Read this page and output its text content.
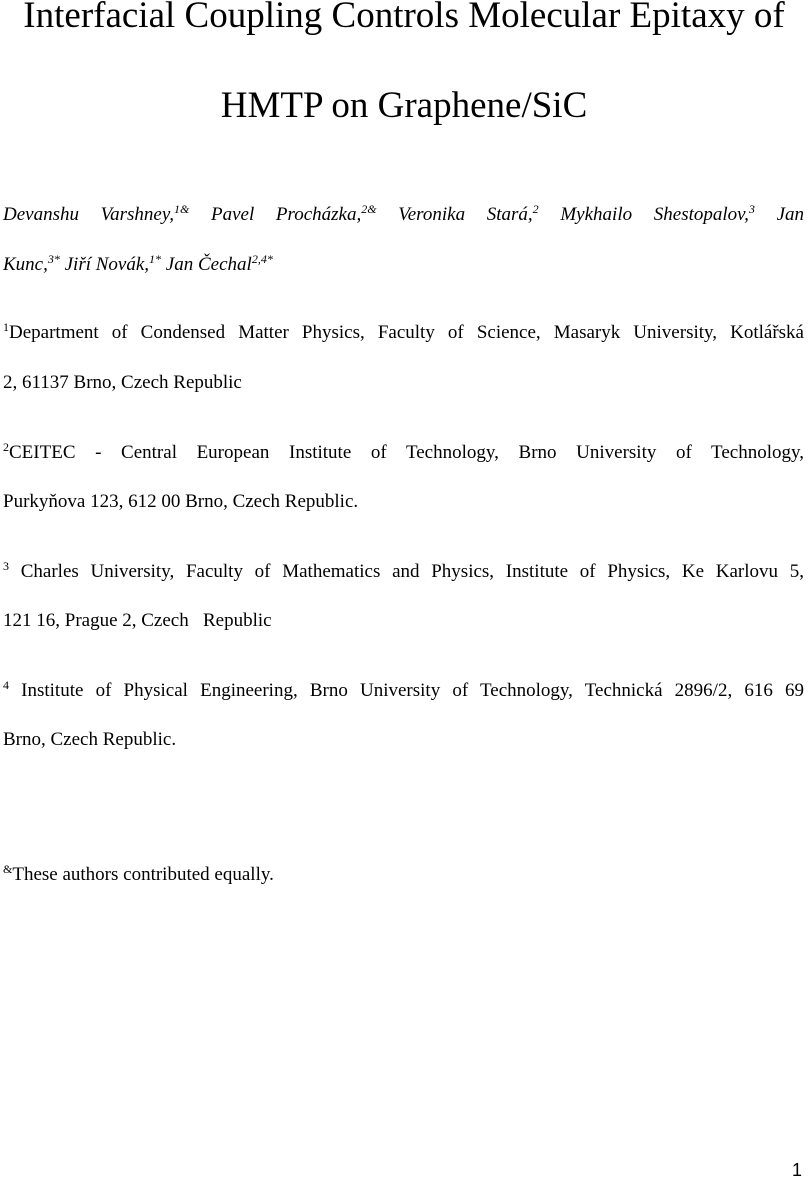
Interfacial Coupling Controls Molecular Epitaxy of
HMTP on Graphene/SiC
Devanshu Varshney,$^{1\&}$ Pavel Procházka,$^{2\&}$ Veronika Stará,$^2$ Mykhailo Shestopalov,$^3$ Jan
Kunc,$^{3*}$ Jiří Novák,$^{1*}$ Jan Čechal$^{2,4*}$
$^1$Department of Condensed Matter Physics, Faculty of Science, Masaryk University, Kotlářská
2, 61137 Brno, Czech Republic
$^2$CEITEC - Central European Institute of Technology, Brno University of Technology,
Purkyňova 123, 612 00 Brno, Czech Republic.
$^3$ Charles University, Faculty of Mathematics and Physics, Institute of Physics, Ke Karlovu 5,
121 16, Prague 2, Czech   Republic
$^4$ Institute of Physical Engineering, Brno University of Technology, Technická 2896/2, 616 69
Brno, Czech Republic.
&These authors contributed equally.
1
